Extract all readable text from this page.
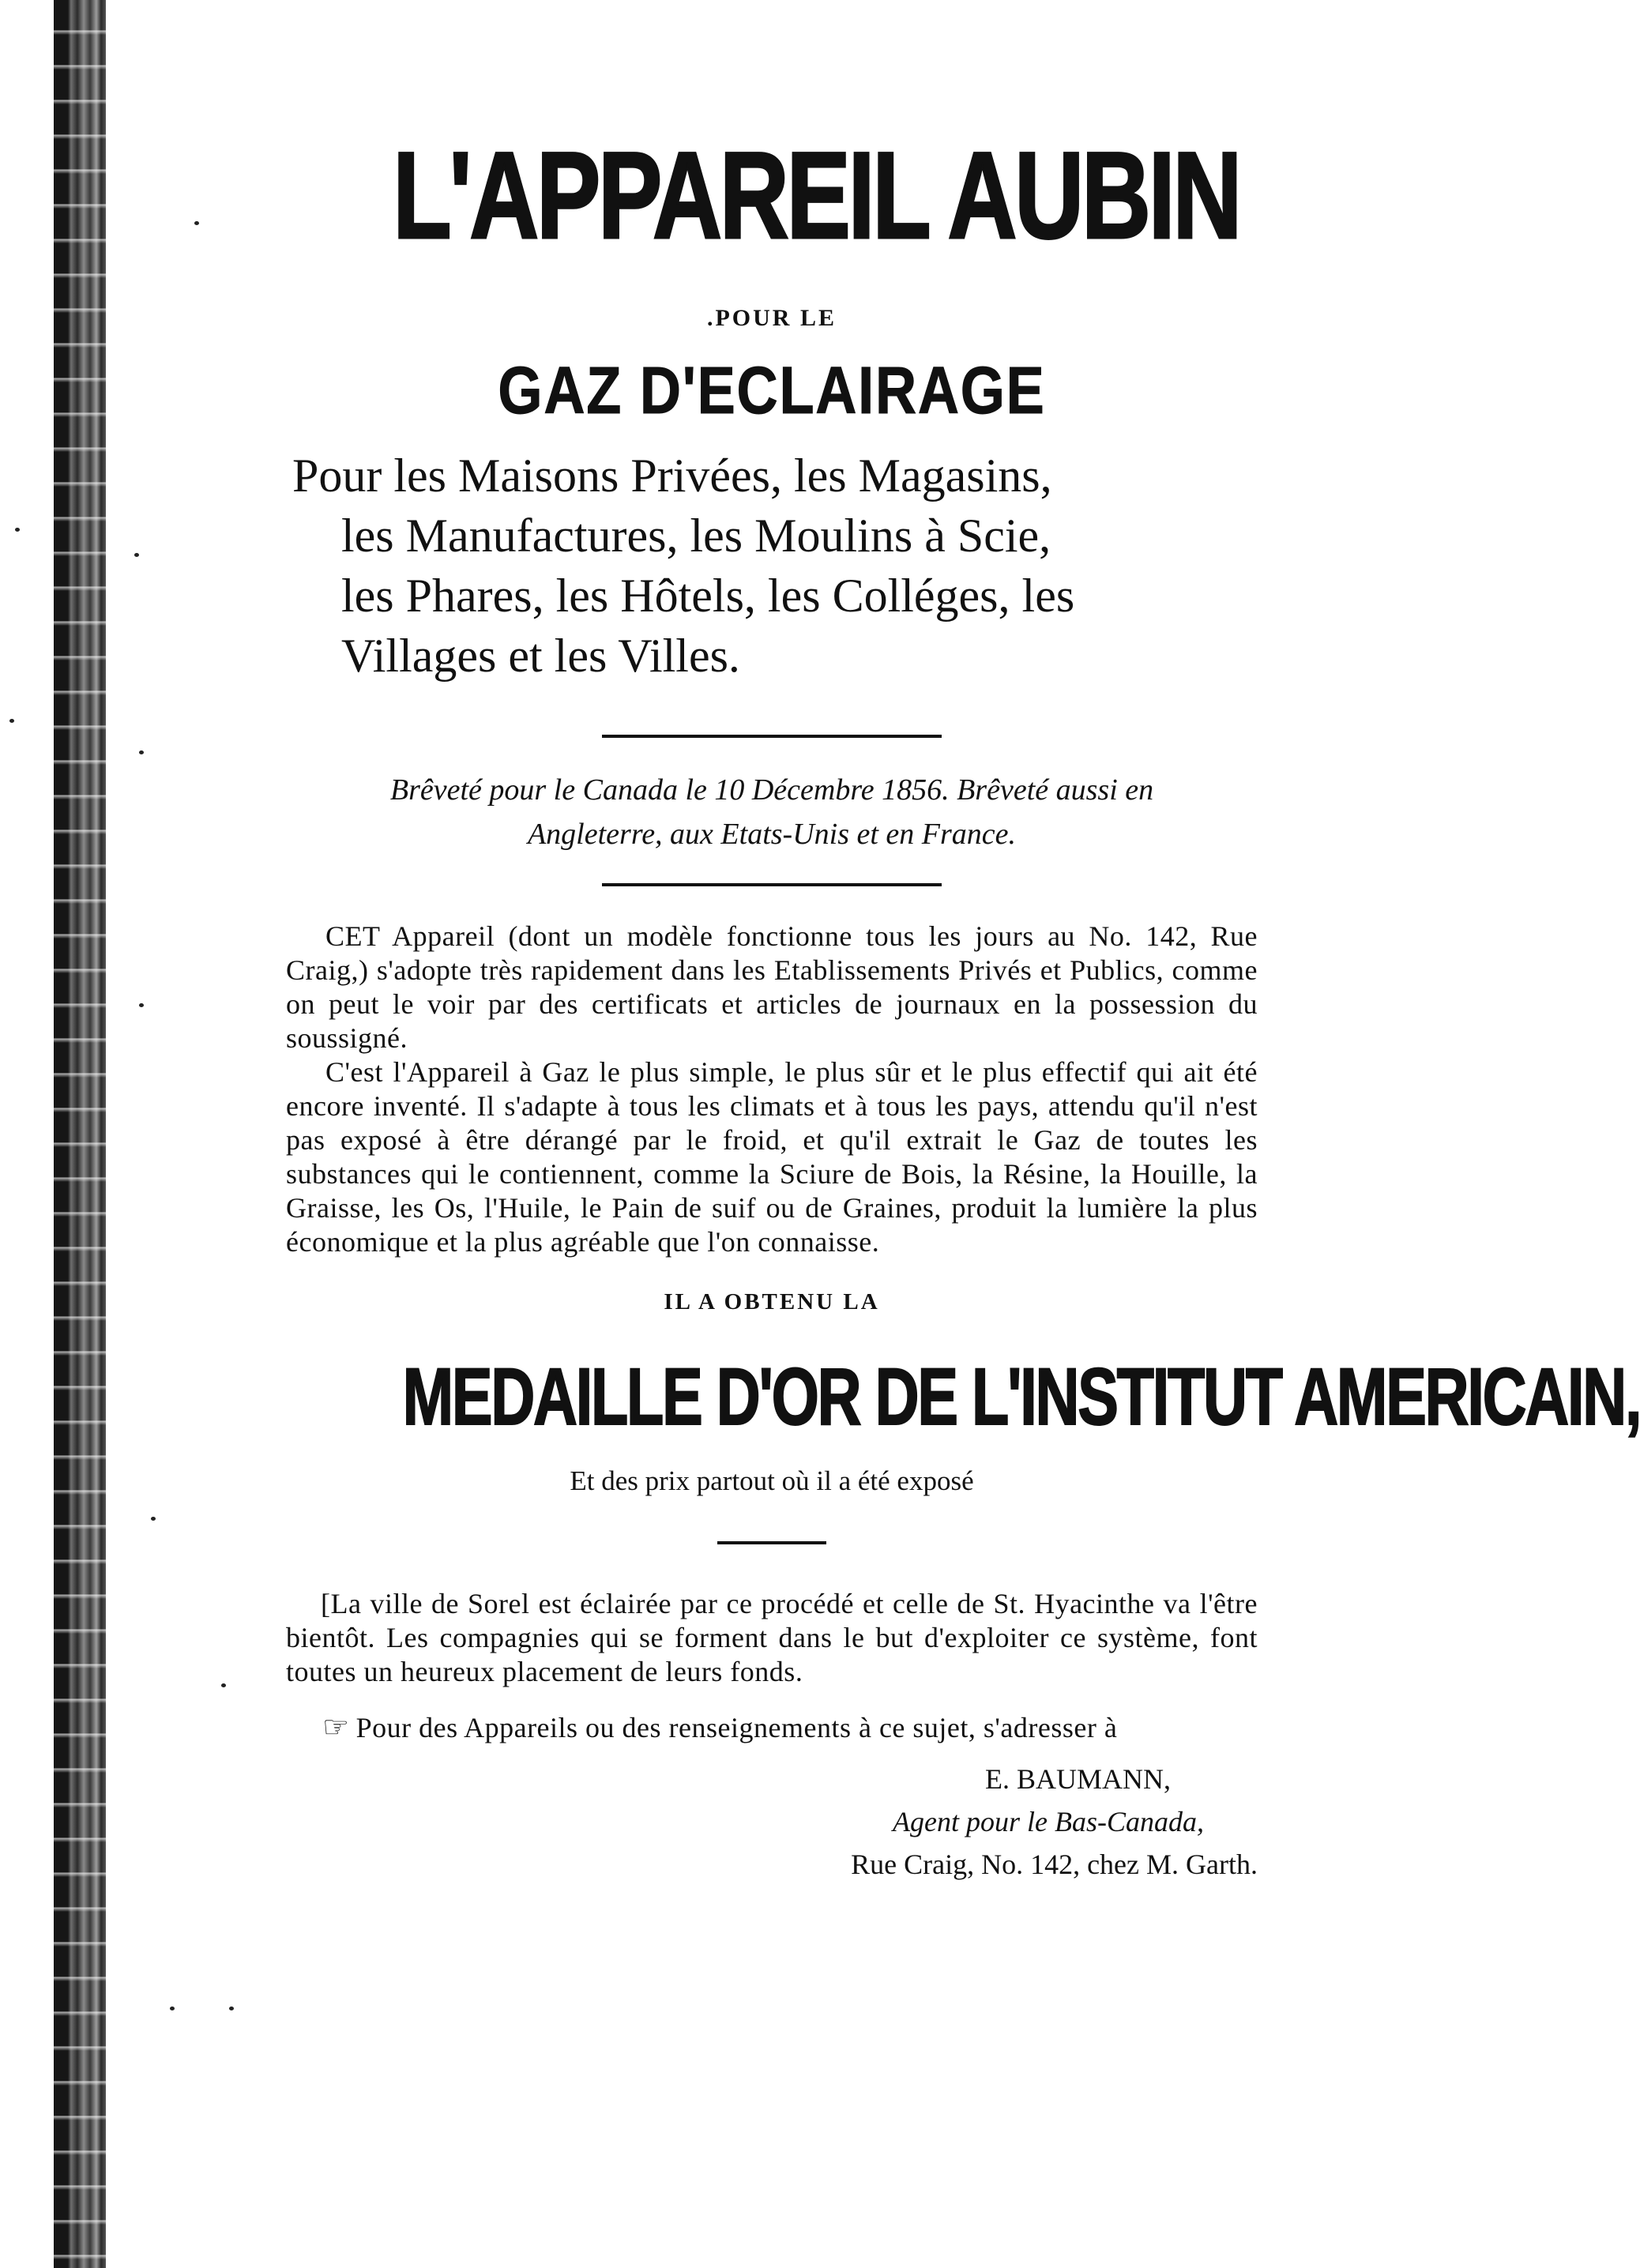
L'APPAREIL AUBIN
.POUR LE
GAZ D'ECLAIRAGE
Pour les Maisons Privées, les Magasins,
les Manufactures, les Moulins à Scie,
les Phares, les Hôtels, les Colléges, les
Villages et les Villes.
Brêveté pour le Canada le 10 Décembre 1856. Brêveté aussi en
Angleterre, aux Etats-Unis et en France.

CET Appareil (dont un modèle fonctionne tous les jours au No. 142, Rue Craig,) s'adopte très rapidement dans les Etablissements Privés et Publics, comme on peut le voir par des certificats et articles de journaux en la possession du soussigné.

C'est l'Appareil à Gaz le plus simple, le plus sûr et le plus effectif qui ait été encore inventé. Il s'adapte à tous les climats et à tous les pays, attendu qu'il n'est pas exposé à être dérangé par le froid, et qu'il extrait le Gaz de toutes les substances qui le contiennent, comme la Sciure de Bois, la Résine, la Houille, la Graisse, les Os, l'Huile, le Pain de suif ou de Graines, produit la lumière la plus économique et la plus agréable que l'on connaisse.

IL A OBTENU LA
MEDAILLE D'OR DE L'INSTITUT AMERICAIN,
Et des prix partout où il a été exposé

[La ville de Sorel est éclairée par ce procédé et celle de St. Hyacinthe va l'être bientôt. Les compagnies qui se forment dans le but d'exploiter ce système, font toutes un heureux placement de leurs fonds.

☞ Pour des Appareils ou des renseignements à ce sujet, s'adresser à

E. BAUMANN,
Agent pour le Bas-Canada,
Rue Craig, No. 142, chez M. Garth.
